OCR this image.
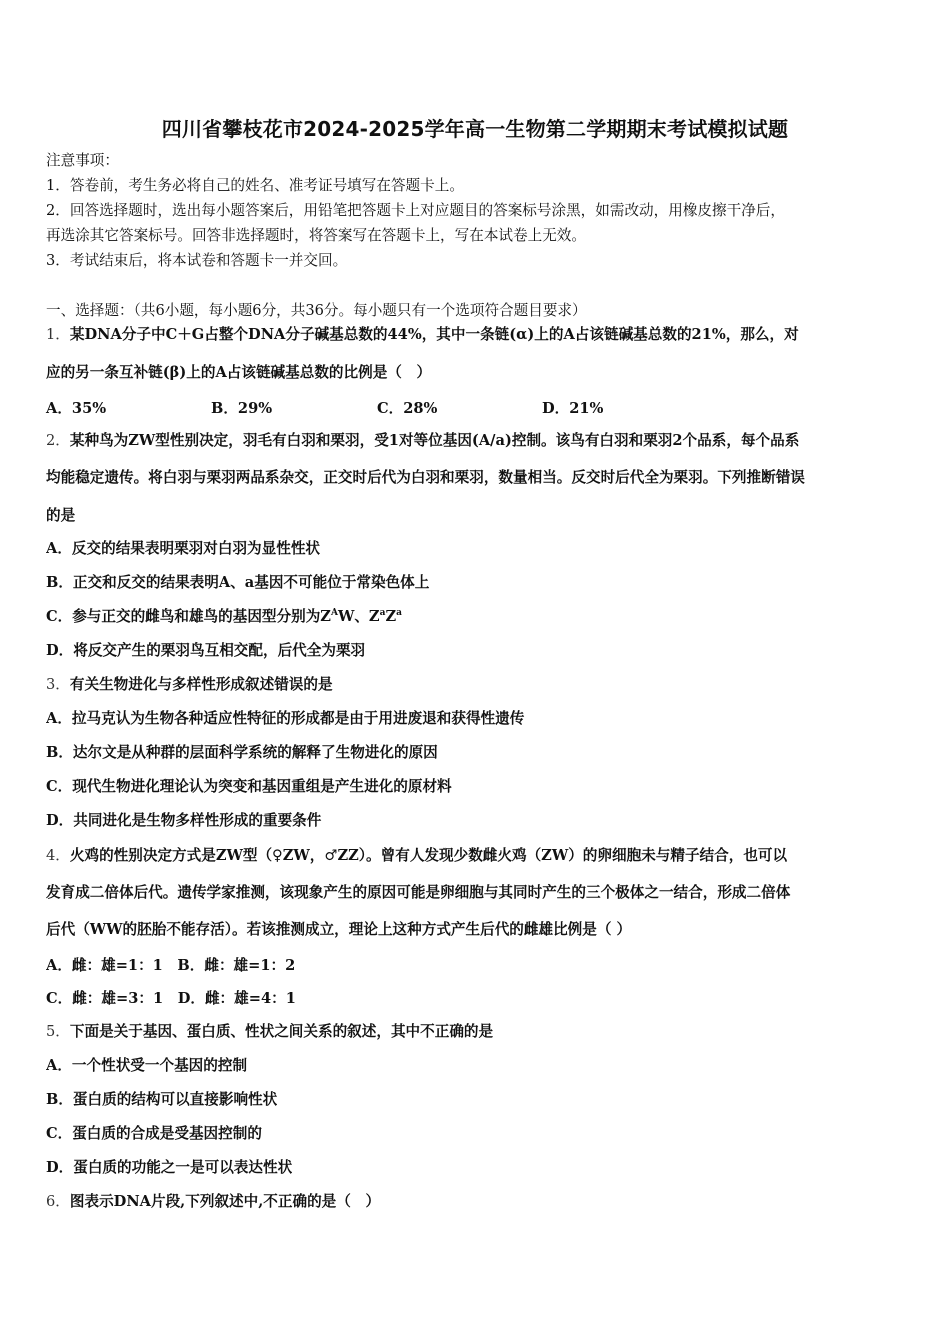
四川省攀枝花市2024-2025学年高一生物第二学期期末考试模拟试题
注意事项：
1．答卷前，考生务必将自己的姓名、准考证号填写在答题卡上。
2．回答选择题时，选出每小题答案后，用铅笔把答题卡上对应题目的答案标号涂黑，如需改动，用橡皮擦干净后，
再选涂其它答案标号。回答非选择题时，将答案写在答题卡上，写在本试卷上无效。
3．考试结束后，将本试卷和答题卡一并交回。
一、选择题：（共6小题，每小题6分，共36分。每小题只有一个选项符合题目要求）
1．某DNA分子中C＋G占整个DNA分子碱基总数的44%，其中一条链(α)上的A占该链碱基总数的21%，那么，对
应的另一条互补链(β)上的A占该链碱基总数的比例是（　）
A．35%	B．29%	C．28%	D．21%
2．某种鸟为ZW型性别决定，羽毛有白羽和栗羽，受1对等位基因(A/a)控制。该鸟有白羽和栗羽2个品系，每个品系
均能稳定遗传。将白羽与栗羽两品系杂交，正交时后代为白羽和栗羽，数量相当。反交时后代全为栗羽。下列推断错误
的是
A．反交的结果表明栗羽对白羽为显性性状
B．正交和反交的结果表明A、a基因不可能位于常染色体上
C．参与正交的雌鸟和雄鸟的基因型分别为$Z^AW$、$Z^aZ^a$
D．将反交产生的栗羽鸟互相交配，后代全为栗羽
3．有关生物进化与多样性形成叙述错误的是
A．拉马克认为生物各种适应性特征的形成都是由于用进废退和获得性遗传
B．达尔文是从种群的层面科学系统的解释了生物进化的原因
C．现代生物进化理论认为突变和基因重组是产生进化的原材料
D．共同进化是生物多样性形成的重要条件
4．火鸡的性别决定方式是ZW型（♀ZW，♂ZZ）。曾有人发现少数雌火鸡（ZW）的卵细胞未与精子结合，也可以
发育成二倍体后代。遗传学家推测，该现象产生的原因可能是卵细胞与其同时产生的三个极体之一结合，形成二倍体
后代（WW的胚胎不能存活）。若该推测成立，理论上这种方式产生后代的雌雄比例是（ ）
A．雌：雄=1：1　B．雌：雄=1：2
C．雌：雄=3：1　D．雌：雄=4：1
5．下面是关于基因、蛋白质、性状之间关系的叙述，其中不正确的是
A．一个性状受一个基因的控制
B．蛋白质的结构可以直接影响性状
C．蛋白质的合成是受基因控制的
D．蛋白质的功能之一是可以表达性状
6．图表示DNA片段,下列叙述中,不正确的是（　）
